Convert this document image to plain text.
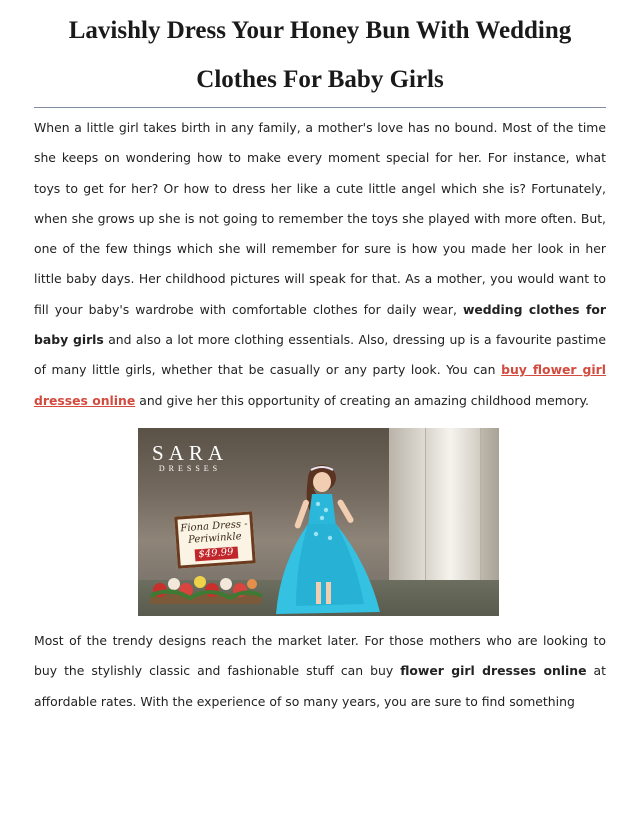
Lavishly Dress Your Honey Bun With Wedding
Clothes For Baby Girls

When a little girl takes birth in any family, a mother's love has no bound. Most of the time she keeps on wondering how to make every moment special for her. For instance, what toys to get for her? Or how to dress her like a cute little angel which she is? Fortunately, when she grows up she is not going to remember the toys she played with more often. But, one of the few things which she will remember for sure is how you made her look in her little baby days. Her childhood pictures will speak for that. As a mother, you would want to fill your baby's wardrobe with comfortable clothes for daily wear, wedding clothes for baby girls and also a lot more clothing essentials. Also, dressing up is a favourite pastime of many little girls, whether that be casually or any party look. You can buy flower girl dresses online and give her this opportunity of creating an amazing childhood memory.

SARA
DRESSES
Fiona Dress -
Periwinkle
$49.99

Most of the trendy designs reach the market later. For those mothers who are looking to buy the stylishly classic and fashionable stuff can buy flower girl dresses online at affordable rates. With the experience of so many years, you are sure to find something
